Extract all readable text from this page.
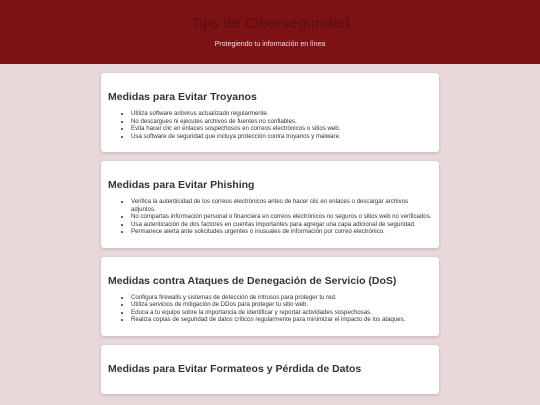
Tips de Ciberseguridad

Protegiendo tu información en línea

Medidas para Evitar Troyanos
• Utiliza software antivirus actualizado regularmente.
• No descargues ni ejecutes archivos de fuentes no confiables.
• Evita hacer clic en enlaces sospechosos en correos electrónicos o sitios web.
• Usa software de seguridad que incluya protección contra troyanos y malware.
Medidas para Evitar Phishing
• Verifica la autenticidad de los correos electrónicos antes de hacer clic en enlaces o descargar archivos adjuntos.
• No compartas información personal o financiera en correos electrónicos no seguros o sitios web no verificados.
• Usa autenticación de dos factores en cuentas importantes para agregar una capa adicional de seguridad.
• Permanece alerta ante solicitudes urgentes o inusuales de información por correo electrónico.
Medidas contra Ataques de Denegación de Servicio (DoS)
• Configura firewalls y sistemas de detección de intrusos para proteger tu red.
• Utiliza servicios de mitigación de DDos para proteger tu sitio web.
• Educa a tu equipo sobre la importancia de identificar y reportar actividades sospechosas.
• Realiza copias de seguridad de datos críticos regularmente para minimizar el impacto de los ataques.
Medidas para Evitar Formateos y Pérdida de Datos
